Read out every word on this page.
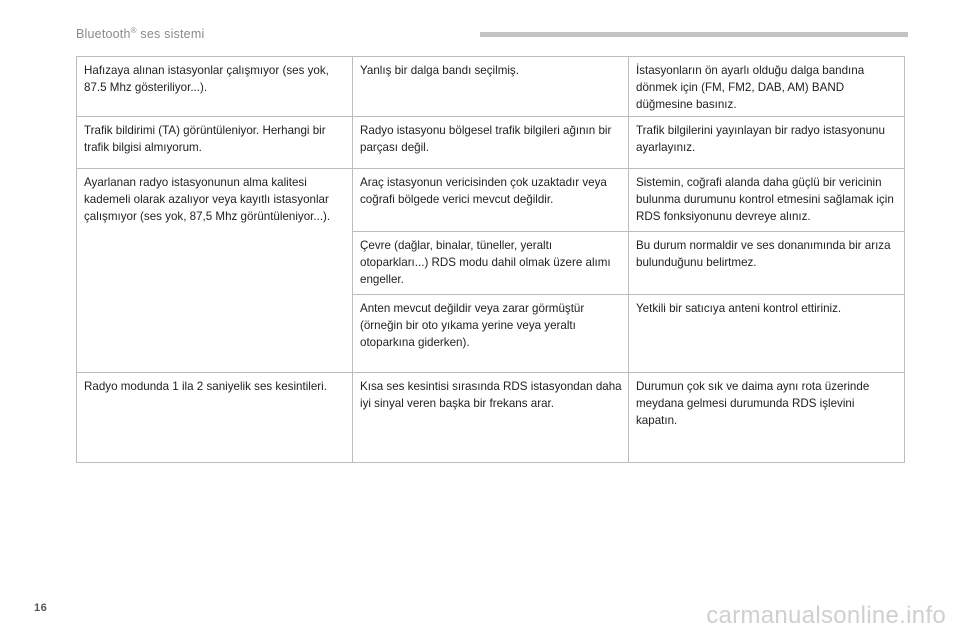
Bluetooth® ses sistemi
Hafızaya alınan istasyonlar çalışmıyor (ses yok, 87.5 Mhz gösteriliyor...).	Yanlış bir dalga bandı seçilmiş.	İstasyonların ön ayarlı olduğu dalga bandına dönmek için (FM, FM2, DAB, AM) BAND düğmesine basınız.
Trafik bildirimi (TA) görüntüleniyor. Herhangi bir trafik bilgisi almıyorum.	Radyo istasyonu bölgesel trafik bilgileri ağının bir parçası değil.	Trafik bilgilerini yayınlayan bir radyo istasyonunu ayarlayınız.
Ayarlanan radyo istasyonunun alma kalitesi kademeli olarak azalıyor veya kayıtlı istasyonlar çalışmıyor (ses yok, 87,5 Mhz görüntüleniyor...).	Araç istasyonun vericisinden çok uzaktadır veya coğrafi bölgede verici mevcut değildir.	Sistemin, coğrafi alanda daha güçlü bir vericinin bulunma durumunu kontrol etmesini sağlamak için RDS fonksiyonunu devreye alınız.
	Çevre (dağlar, binalar, tüneller, yeraltı otoparkları...) RDS modu dahil olmak üzere alımı engeller.	Bu durum normaldir ve ses donanımında bir arıza bulunduğunu belirtmez.
	Anten mevcut değildir veya zarar görmüştür (örneğin bir oto yıkama yerine veya yeraltı otoparkına giderken).	Yetkili bir satıcıya anteni kontrol ettiriniz.
Radyo modunda 1 ila 2 saniyelik ses kesintileri.	Kısa ses kesintisi sırasında RDS istasyondan daha iyi sinyal veren başka bir frekans arar.	Durumun çok sık ve daima aynı rota üzerinde meydana gelmesi durumunda RDS işlevini kapatın.
16	carmanualsonline.info
